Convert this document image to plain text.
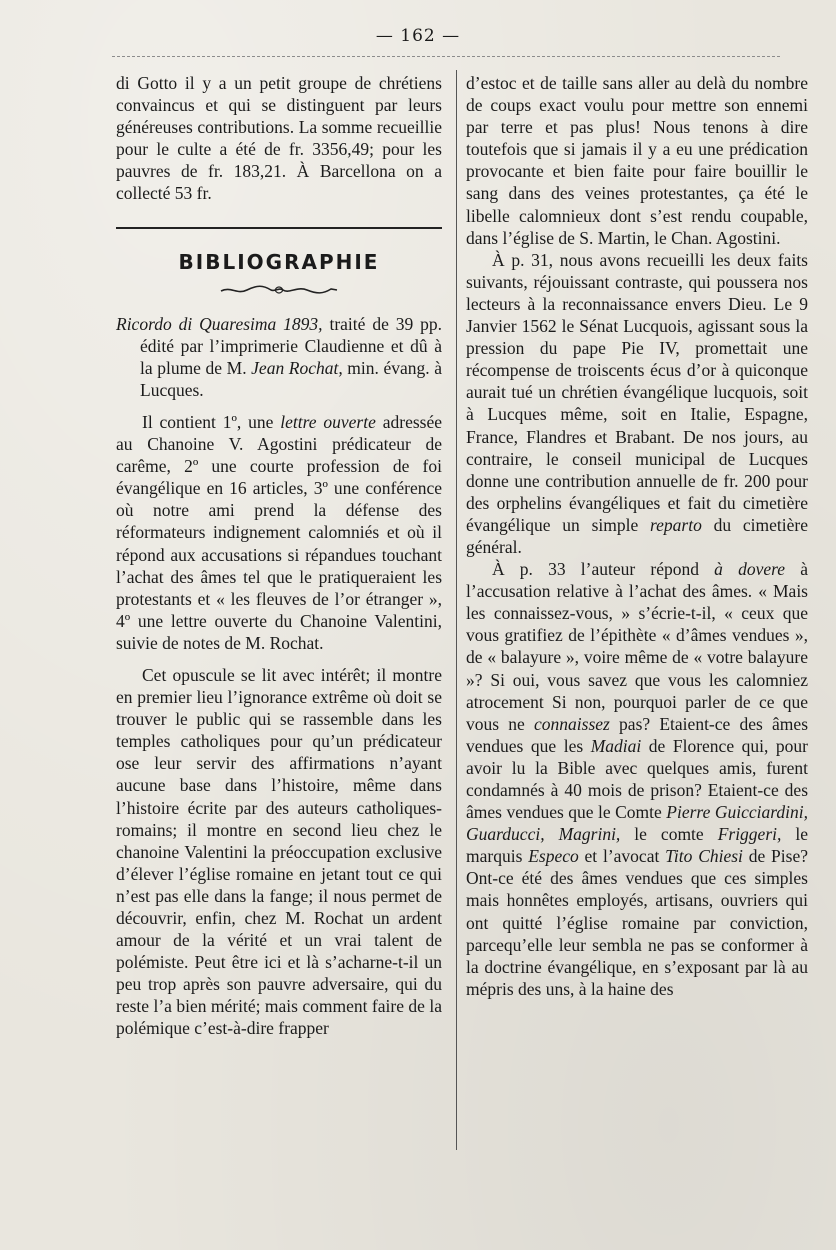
— 162 —

di Gotto il y a un petit groupe de chrétiens convaincus et qui se distinguent par leurs généreuses contributions. La somme recueillie pour le culte a été de fr. 3356,49; pour les pauvres de fr. 183,21. À Barcellona on a collecté 53 fr.

BIBLIOGRAPHIE

Ricordo di Quaresima 1893, traité de 39 pp. édité par l’imprimerie Claudienne et dû à la plume de M. Jean Rochat, min. évang. à Lucques.

Il contient 1º, une lettre ouverte adressée au Chanoine V. Agostini prédicateur de carême, 2º une courte profession de foi évangélique en 16 articles, 3º une conférence où notre ami prend la défense des réformateurs indignement calomniés et où il répond aux accusations si répandues touchant l’achat des âmes tel que le pratiqueraient les protestants et « les fleuves de l’or étranger », 4º une lettre ouverte du Chanoine Valentini, suivie de notes de M. Rochat.

Cet opuscule se lit avec intérêt; il montre en premier lieu l’ignorance extrême où doit se trouver le public qui se rassemble dans les temples catholiques pour qu’un prédicateur ose leur servir des affirmations n’ayant aucune base dans l’histoire, même dans l’histoire écrite par des auteurs catholiques-romains; il montre en second lieu chez le chanoine Valentini la préoccupation exclusive d’élever l’église romaine en jetant tout ce qui n’est pas elle dans la fange; il nous permet de découvrir, enfin, chez M. Rochat un ardent amour de la vérité et un vrai talent de polémiste. Peut être ici et là s’acharne-t-il un peu trop après son pauvre adversaire, qui du reste l’a bien mérité; mais comment faire de la polémique c’est-à-dire frapper

d’estoc et de taille sans aller au delà du nombre de coups exact voulu pour mettre son ennemi par terre et pas plus! Nous tenons à dire toutefois que si jamais il y a eu une prédication provocante et bien faite pour faire bouillir le sang dans des veines protestantes, ça été le libelle calomnieux dont s’est rendu coupable, dans l’église de S. Martin, le Chan. Agostini.

À p. 31, nous avons recueilli les deux faits suivants, réjouissant contraste, qui poussera nos lecteurs à la reconnaissance envers Dieu. Le 9 Janvier 1562 le Sénat Lucquois, agissant sous la pression du pape Pie IV, promettait une récompense de troiscents écus d’or à quiconque aurait tué un chrétien évangélique lucquois, soit à Lucques même, soit en Italie, Espagne, France, Flandres et Brabant. De nos jours, au contraire, le conseil municipal de Lucques donne une contribution annuelle de fr. 200 pour des orphelins évangéliques et fait du cimetière évangélique un simple reparto du cimetière général.

À p. 33 l’auteur répond à dovere à l’accusation relative à l’achat des âmes. « Mais les connaissez-vous, » s’écrie-t-il, « ceux que vous gratifiez de l’épithète « d’âmes vendues », de « balayure », voire même de « votre balayure »? Si oui, vous savez que vous les calomniez atrocement Si non, pourquoi parler de ce que vous ne connaissez pas? Etaient-ce des âmes vendues que les Madiai de Florence qui, pour avoir lu la Bible avec quelques amis, furent condamnés à 40 mois de prison? Etaient-ce des âmes vendues que le Comte Pierre Guicciardini, Guarducci, Magrini, le comte Friggeri, le marquis Especo et l’avocat Tito Chiesi de Pise? Ont-ce été des âmes vendues que ces simples mais honnêtes employés, artisans, ouvriers qui ont quitté l’église romaine par conviction, parcequ’elle leur sembla ne pas se conformer à la doctrine évangélique, en s’exposant par là au mépris des uns, à la haine des
